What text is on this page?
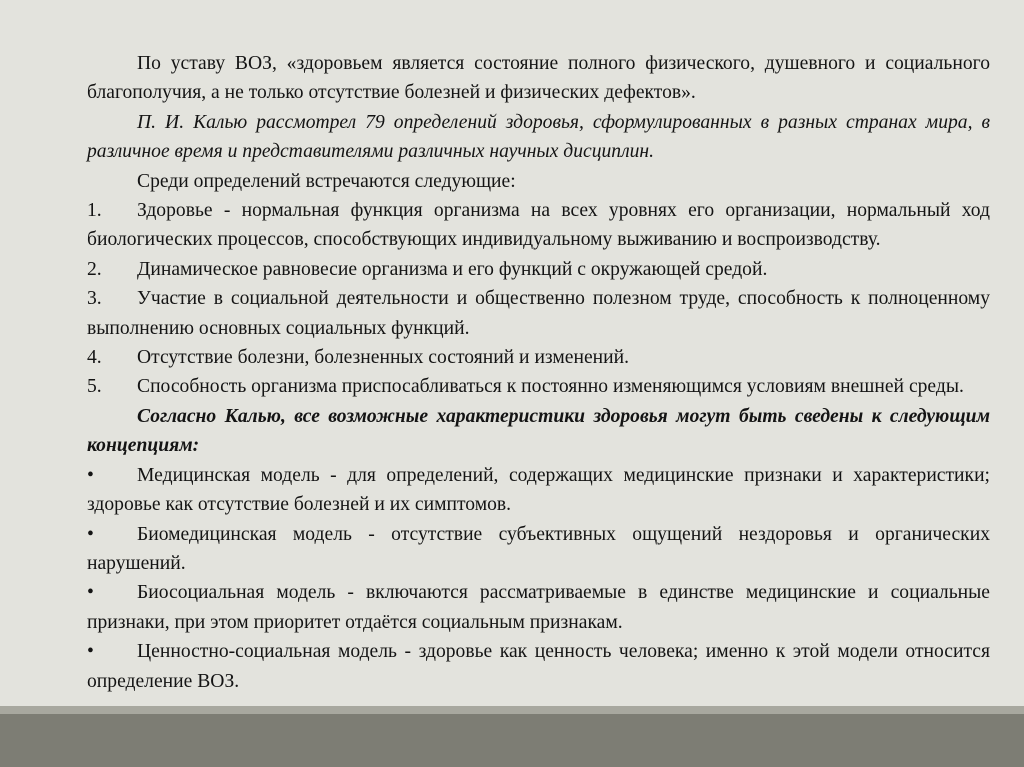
По уставу ВОЗ, «здоровьем является состояние полного физического, душевного и социального благополучия, а не только отсутствие болезней и физических дефектов».

П. И. Калью рассмотрел 79 определений здоровья, сформулированных в разных странах мира, в различное время и представителями различных научных дисциплин.

Среди определений встречаются следующие:

1. Здоровье - нормальная функция организма на всех уровнях его организации, нормальный ход биологических процессов, способствующих индивидуальному выживанию и воспроизводству.

2. Динамическое равновесие организма и его функций с окружающей средой.

3. Участие в социальной деятельности и общественно полезном труде, способность к полноценному выполнению основных социальных функций.

4. Отсутствие болезни, болезненных состояний и изменений.

5. Способность организма приспосабливаться к постоянно изменяющимся условиям внешней среды.

Согласно Калью, все возможные характеристики здоровья могут быть сведены к следующим концепциям:

• Медицинская модель - для определений, содержащих медицинские признаки и характеристики; здоровье как отсутствие болезней и их симптомов.

• Биомедицинская модель - отсутствие субъективных ощущений нездоровья и органических нарушений.

• Биосоциальная модель - включаются рассматриваемые в единстве медицинские и социальные признаки, при этом приоритет отдаётся социальным признакам.

• Ценностно-социальная модель - здоровье как ценность человека; именно к этой модели относится определение ВОЗ.
